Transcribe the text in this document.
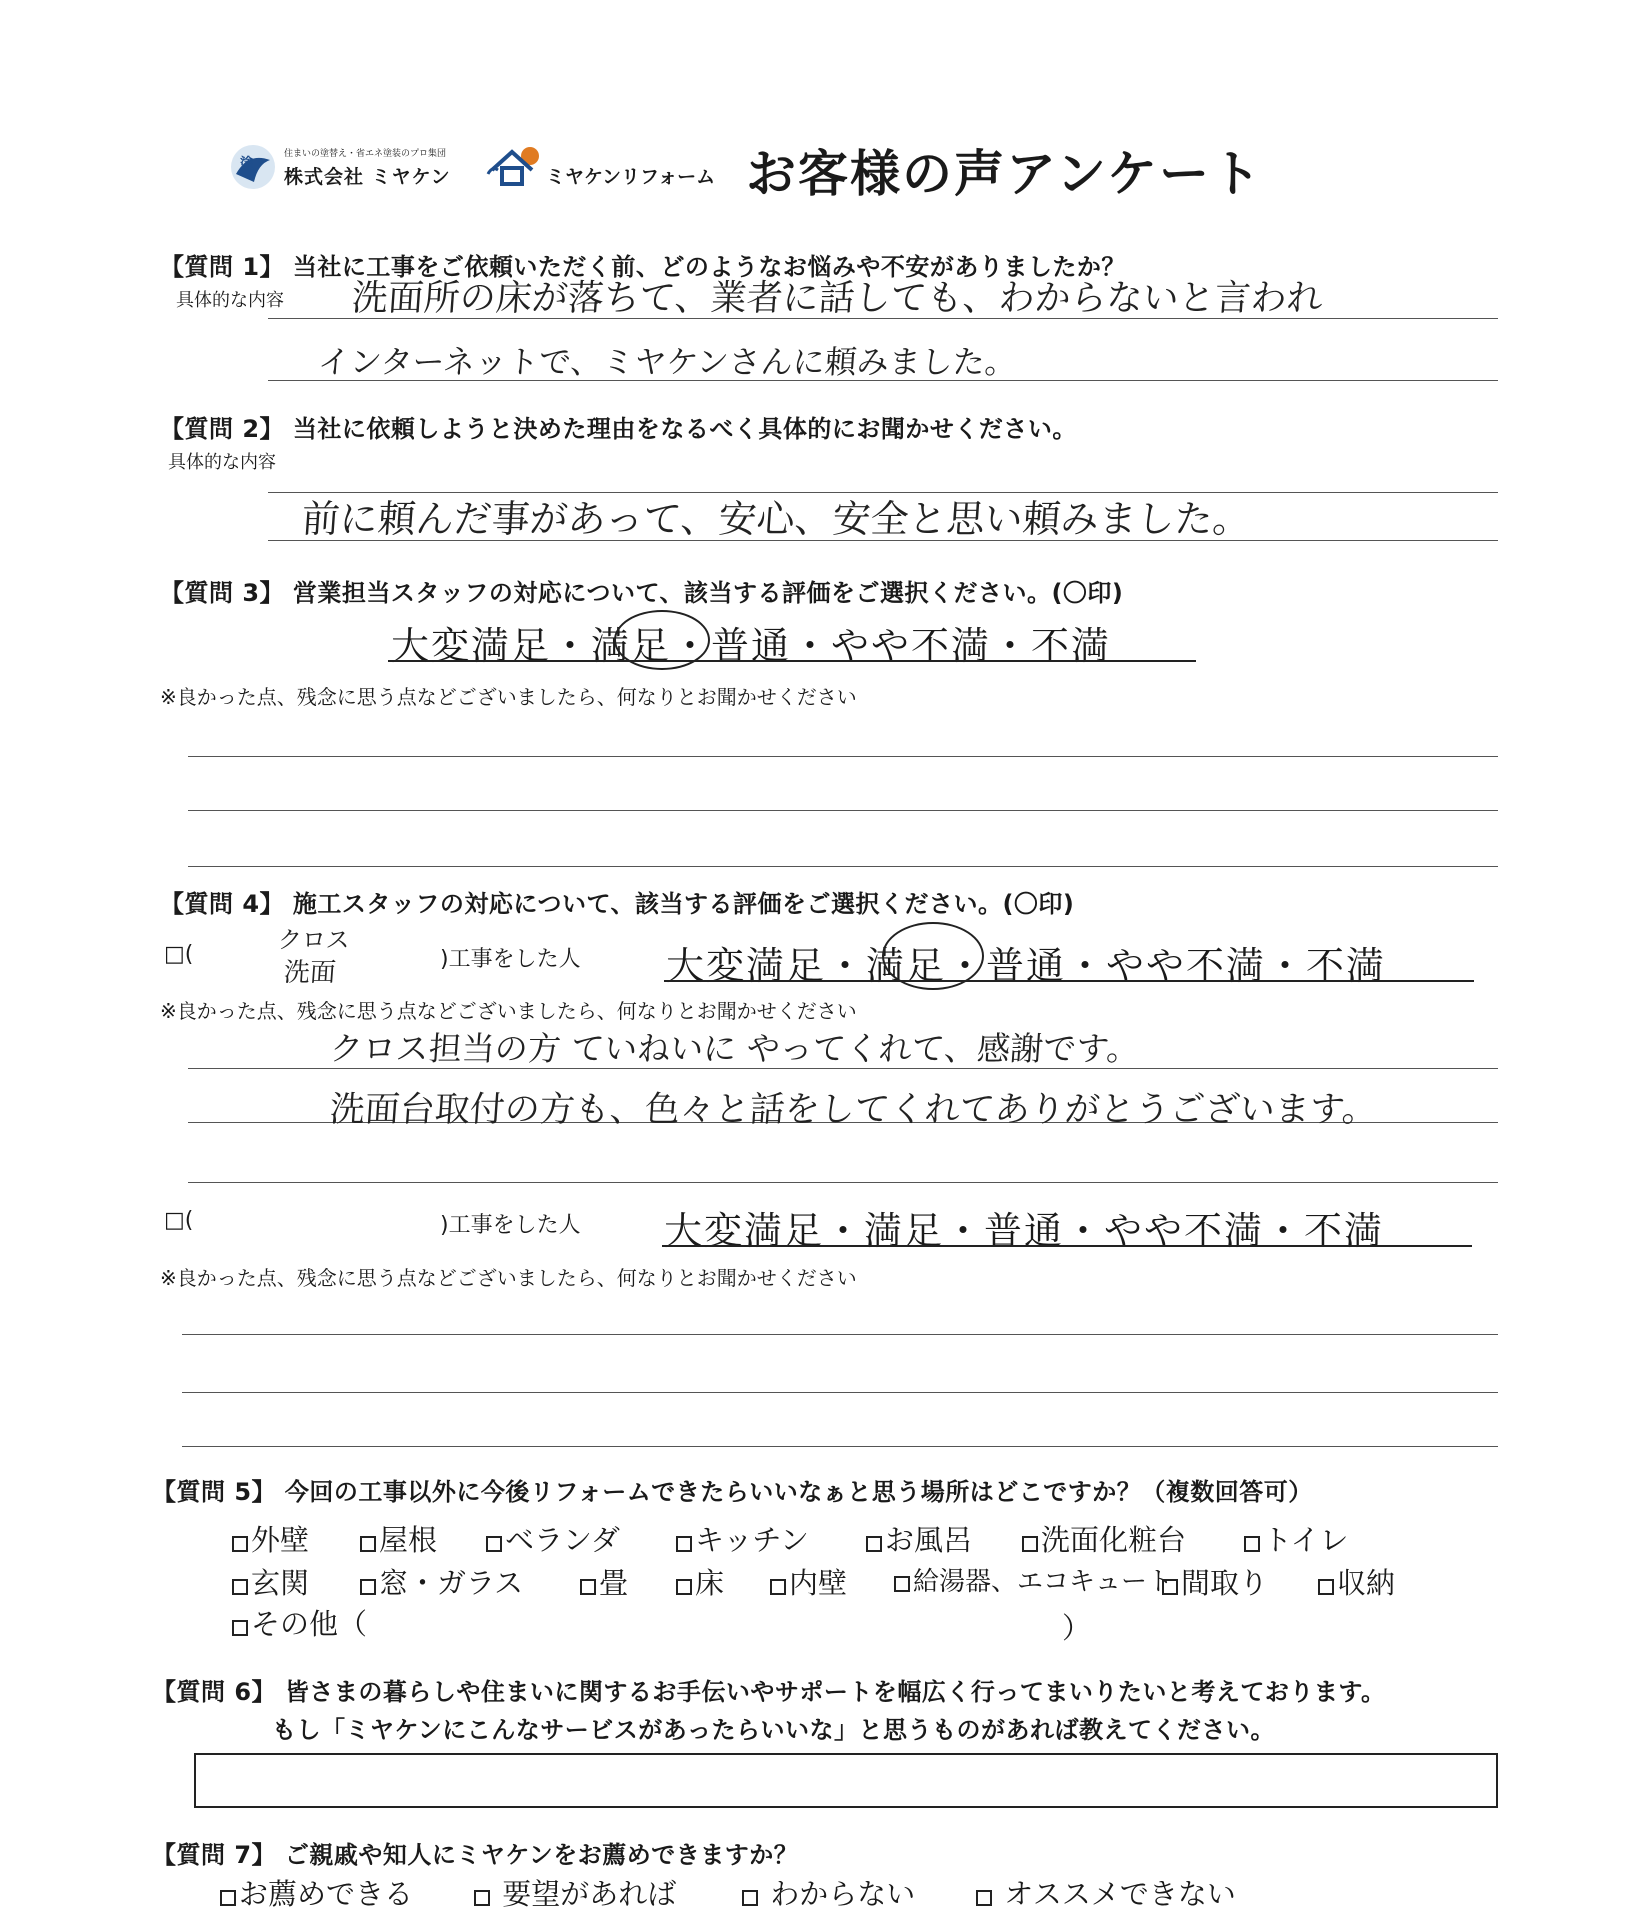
塗
住まいの塗替え・省エネ塗装のプロ集団
株式会社 ミヤケン	ミヤケンリフォーム お客様の声アンケート
【質問 1】 当社に工事をご依頼いただく前、どのようなお悩みや不安がありましたか？
具体的な内容 洗面所の床が落ちて、業者に話しても、わからないと言われ
インターネットで、ミヤケンさんに頼みました。
【質問 2】 当社に依頼しようと決めた理由をなるべく具体的にお聞かせください。
具体的な内容
前に頼んだ事があって、安心、安全と思い頼みました。
【質問 3】 営業担当スタッフの対応について、該当する評価をご選択ください。(〇印)
大変満足・満足・普通・やや不満・不満
※良かった点、残念に思う点などございましたら、何なりとお聞かせください
【質問 4】 施工スタッフの対応について、該当する評価をご選択ください。(〇印)
□(
クロス
洗面	)工事をした人 大変満足・満足・普通・やや不満・不満
※良かった点、残念に思う点などございましたら、何なりとお聞かせください
クロス担当の方 ていねいに やってくれて、感謝です。
洗面台取付の方も、色々と話をしてくれてありがとうございます。
□(	)工事をした人 大変満足・満足・普通・やや不満・不満
※良かった点、残念に思う点などございましたら、何なりとお聞かせください
【質問 5】 今回の工事以外に今後リフォームできたらいいなぁと思う場所はどこですか？（複数回答可）
外壁	屋根	ベランダ	キッチン	お風呂	洗面化粧台	トイレ
玄関	窓・ガラス	畳	床	内壁	給湯器、エコキュート 間取り	収納
その他（	）
【質問 6】 皆さまの暮らしや住まいに関するお手伝いやサポートを幅広く行ってまいりたいと考えております。
もし「ミヤケンにこんなサービスがあったらいいな」と思うものがあれば教えてください。
【質問 7】 ご親戚や知人にミヤケンをお薦めできますか？
お薦めできる	要望があれば	わからない	オススメできない
